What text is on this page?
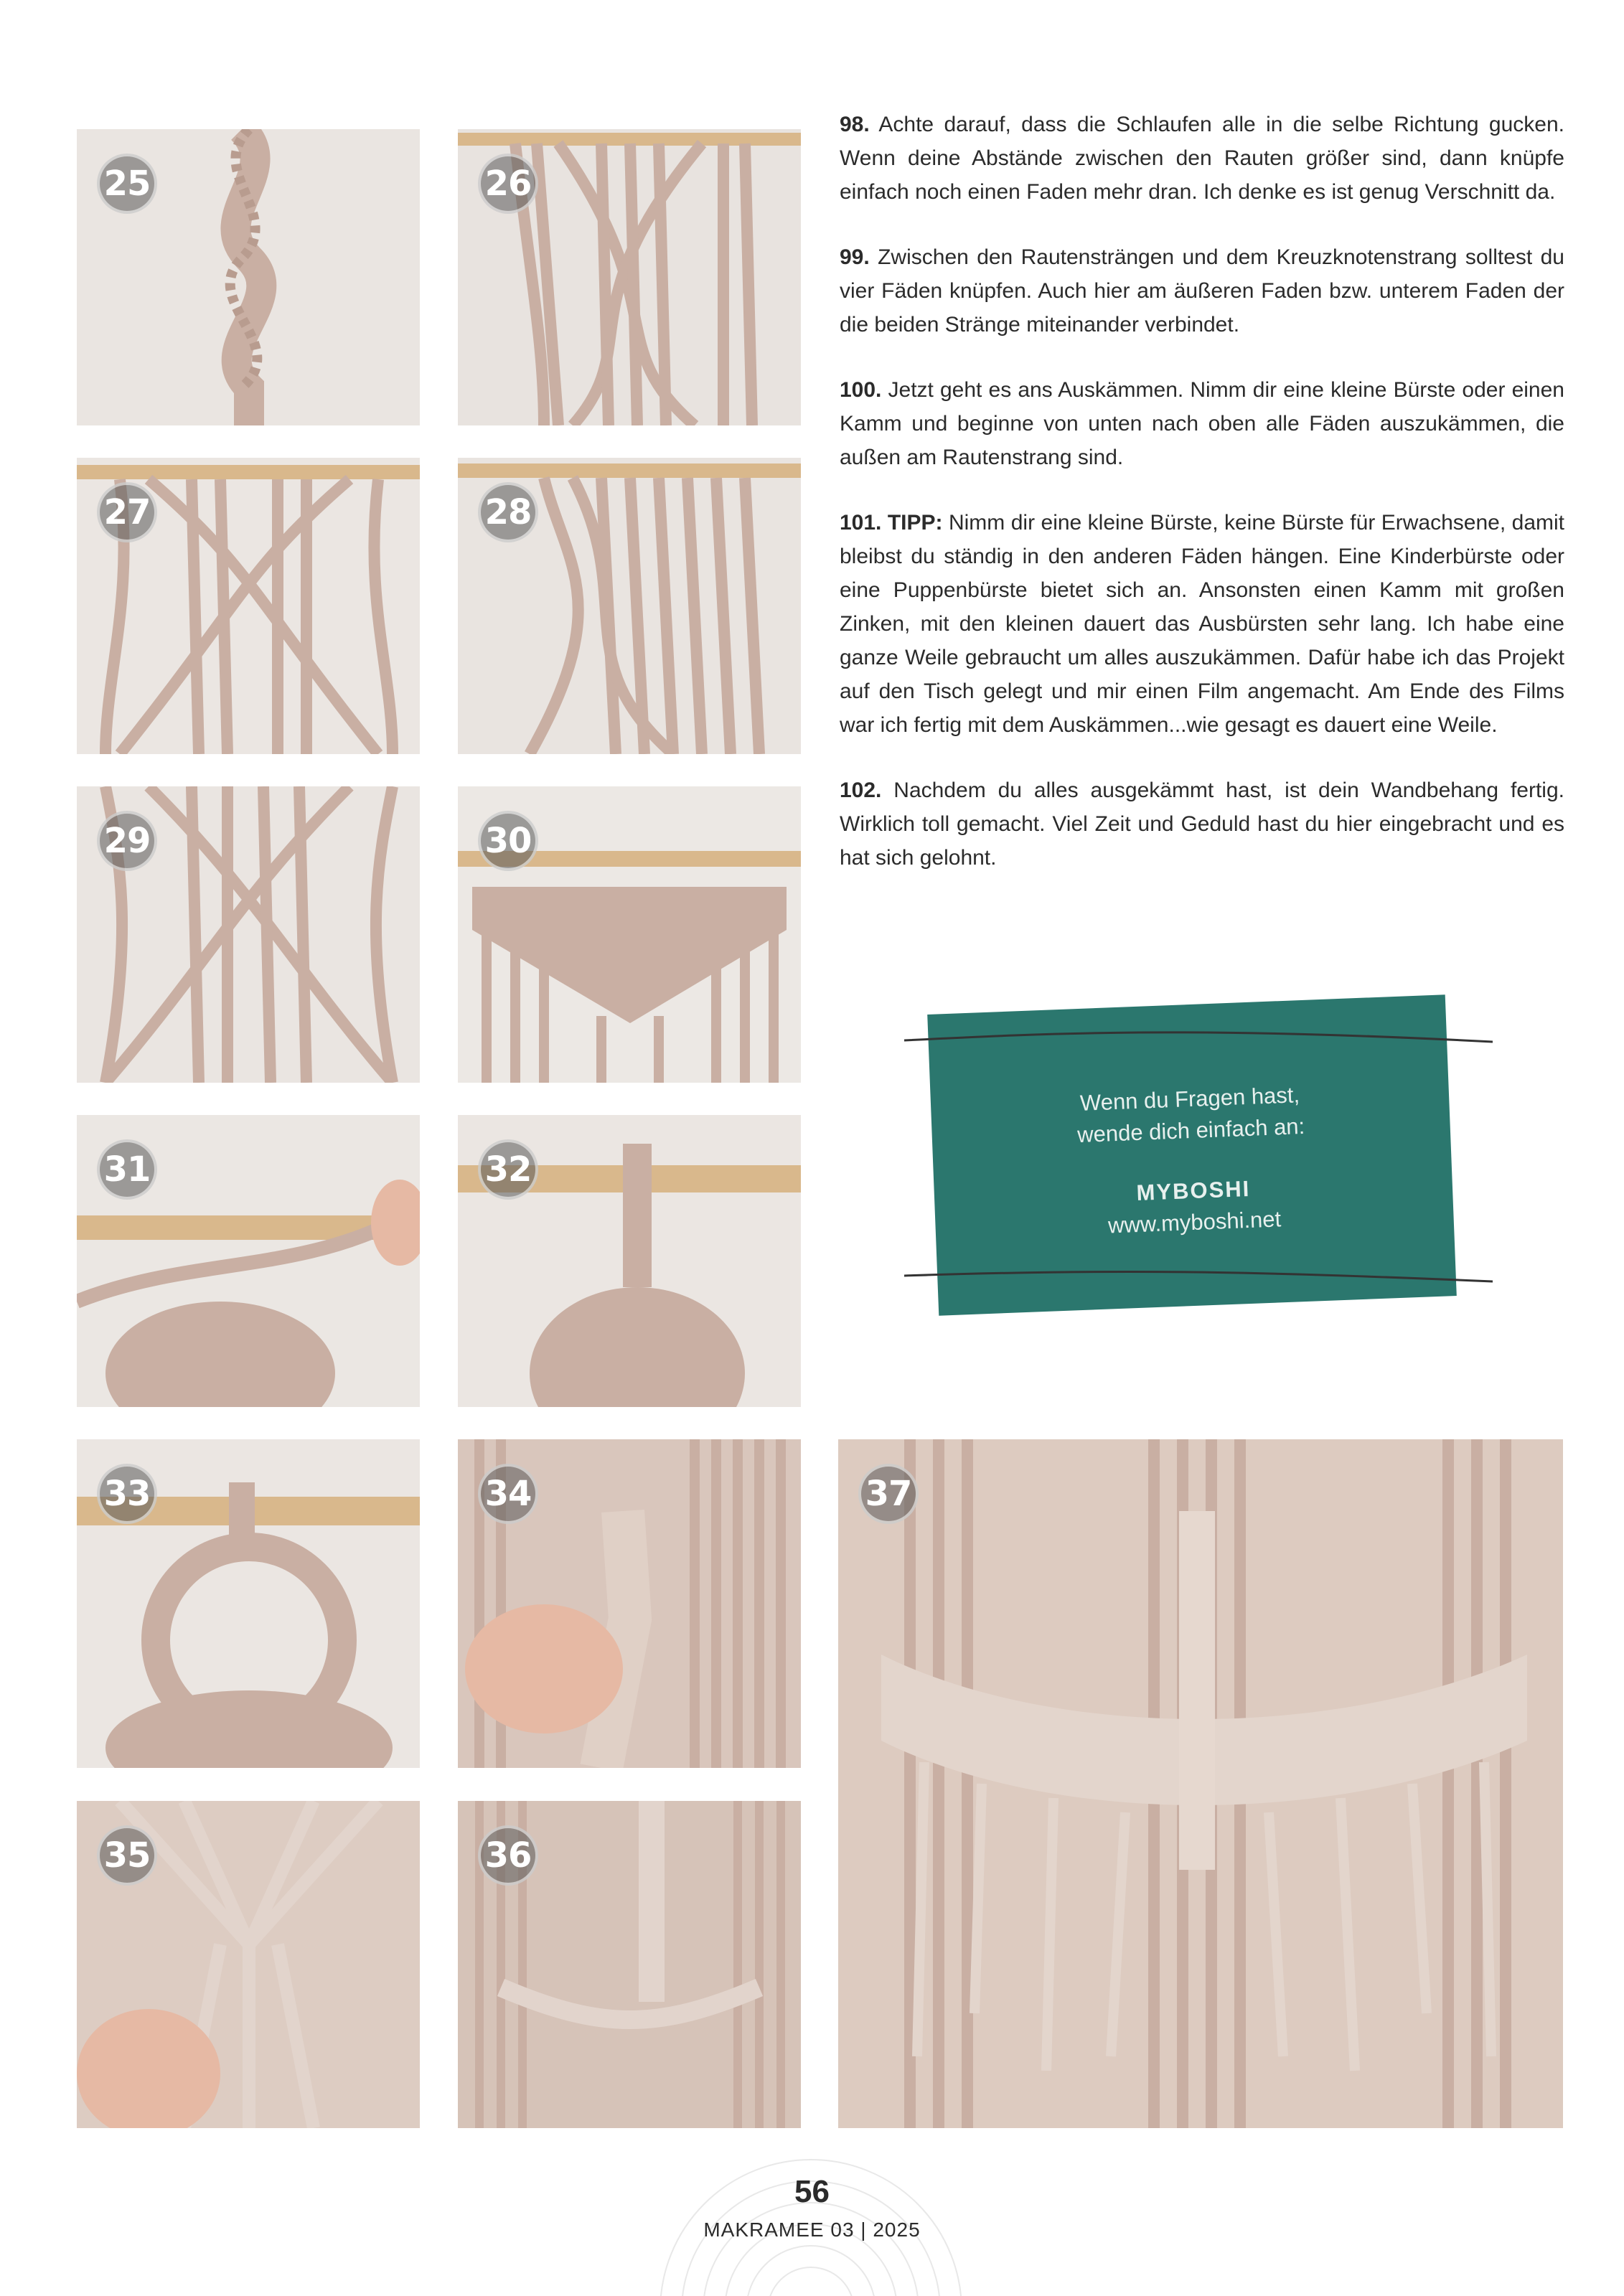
25	26
27	28
29	30
31	32
33	34
35	36
37

98. Achte darauf, dass die Schlaufen alle in die selbe Richtung gucken. Wenn deine Abstände zwischen den Rauten größer sind, dann knüpfe einfach noch einen Faden mehr dran. Ich denke es ist genug Verschnitt da.

99. Zwischen den Rautensträngen und dem Kreuzknotenstrang solltest du vier Fäden knüpfen. Auch hier am äußeren Faden bzw. unterem Faden der die beiden Stränge miteinander verbindet.

100. Jetzt geht es ans Auskämmen. Nimm dir eine kleine Bürste oder einen Kamm und beginne von unten nach oben alle Fäden auszukämmen, die außen am Rautenstrang sind.

101. TIPP: Nimm dir eine kleine Bürste, keine Bürste für Erwachsene, damit bleibst du ständig in den anderen Fäden hängen. Eine Kinderbürste oder eine Puppenbürste bietet sich an. Ansonsten einen Kamm mit großen Zinken, mit den kleinen dauert das Ausbürsten sehr lang. Ich habe eine ganze Weile gebraucht um alles auszukämmen. Dafür habe ich das Projekt auf den Tisch gelegt und mir einen Film angemacht. Am Ende des Films war ich fertig mit dem Auskämmen...wie gesagt es dauert eine Weile.

102. Nachdem du alles ausgekämmt hast, ist dein Wandbehang fertig. Wirklich toll gemacht. Viel Zeit und Geduld hast du hier eingebracht und es hat sich gelohnt.

Wenn du Fragen hast,
wende dich einfach an:
MYBOSHI
www.myboshi.net
56
MAKRAMEE 03 | 2025
